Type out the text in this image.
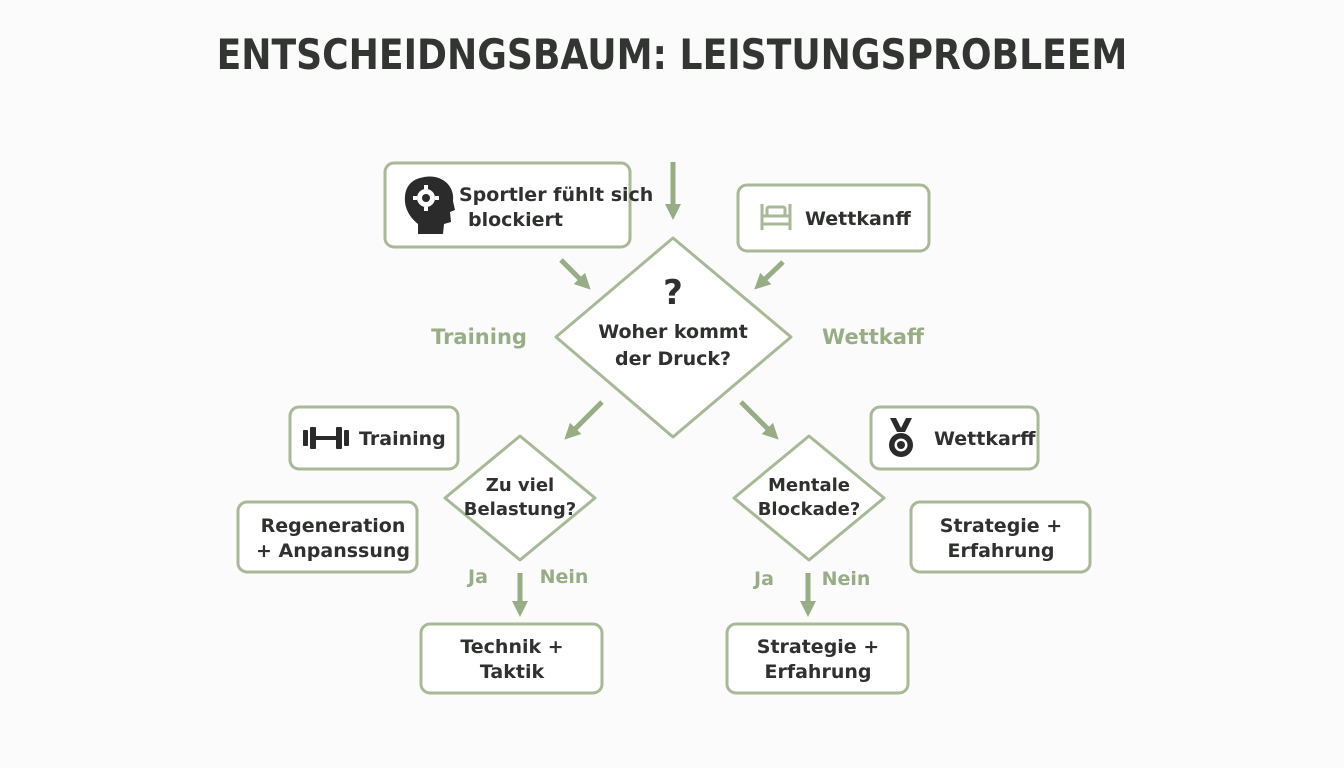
ENTSCHEIDNGSBAUM: LEISTUNGSPROBLEEM
Sportler fühlt sich
blockiert	Wettkanff
?
Woher kommt
der Druck?
Training	Wettkaff
Training	Wettkarff
Zu viel
Belastung?
Mentale
Blockade?
Regeneration
+ Anpanssung
Strategie +
Erfahrung
Ja	Nein	Ja	Nein
Technik +
Taktik
Strategie +
Erfahrung
